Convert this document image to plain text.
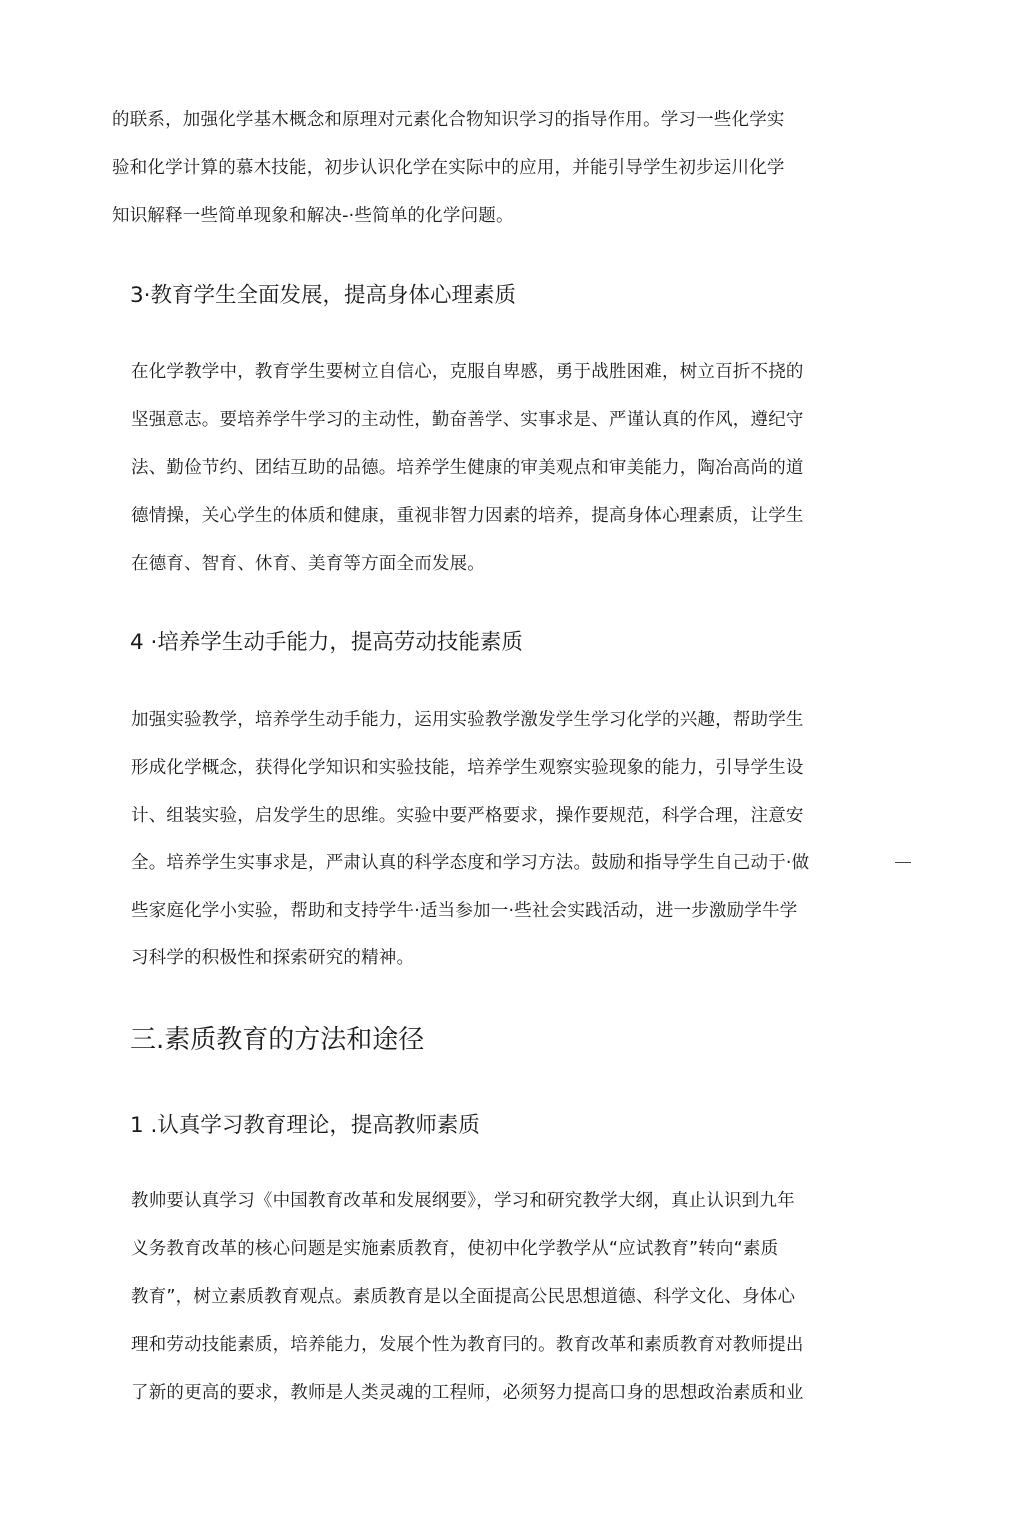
的联系，加强化学基木概念和原理对元素化合物知识学习的指导作用。学习一些化学实
验和化学计算的慕木技能，初步认识化学在实际中的应用，并能引导学生初步运川化学
知识解释一些简单现象和解决-·些简单的化学问题。
3·教育学生全面发展，提高身体心理素质
在化学教学中，教育学生要树立自信心，克服自卑慼，勇于战胜困难，树立百折不挠的
坚强意志。要培养学牛学习的主动性，勤奋善学、实事求是、严谨认真的作风，遵纪守
法、勤俭节约、团结互助的品德。培养学生健康的审美观点和审美能力，陶冶高尚的道
德情操，关心学生的体质和健康，重视非智力因素的培养，提高身体心理素质，让学生
在德育、智育、休育、美育等方面全而发展。
4 ·培养学生动手能力，提高劳动技能素质
加强实验教学，培养学生动手能力，运用实验教学激发学生学习化学的兴趣，帮助学生
形成化学概念，获得化学知识和实验技能，培养学生观察实验现象的能力，引导学生设
计、组装实验，启发学生的思维。实验中要严格要求，操作要规范，科学合理，注意安
全。培养学生实事求是，严肃认真的科学态度和学习方法。鼓励和指导学生自己动于·做
些家庭化学小实验，帮助和支持学牛·适当参加一·些社会实践活动，进一步激励学牛学
习科学的积极性和探索研究的精神。
三.素质教育的方法和途径
1 .认真学习教育理论，提高教师素质
教帅要认真学习《中国教育改革和发展纲要》，学习和研究教学大纲，真止认识到九年
义务教育改革的核心问题是实施素质教育，使初中化学教学从“应试教育”转向“素质
教育”，树立素质教育观点。素质教育是以全面提高公民思想道德、科学文化、身体心
理和劳动技能素质，培养能力，发展个性为教育冃的。教育改革和素质教育对教师提出
了新的更高的要求，教师是人类灵魂的工程师，必须努力提高口身的思想政治素质和业
